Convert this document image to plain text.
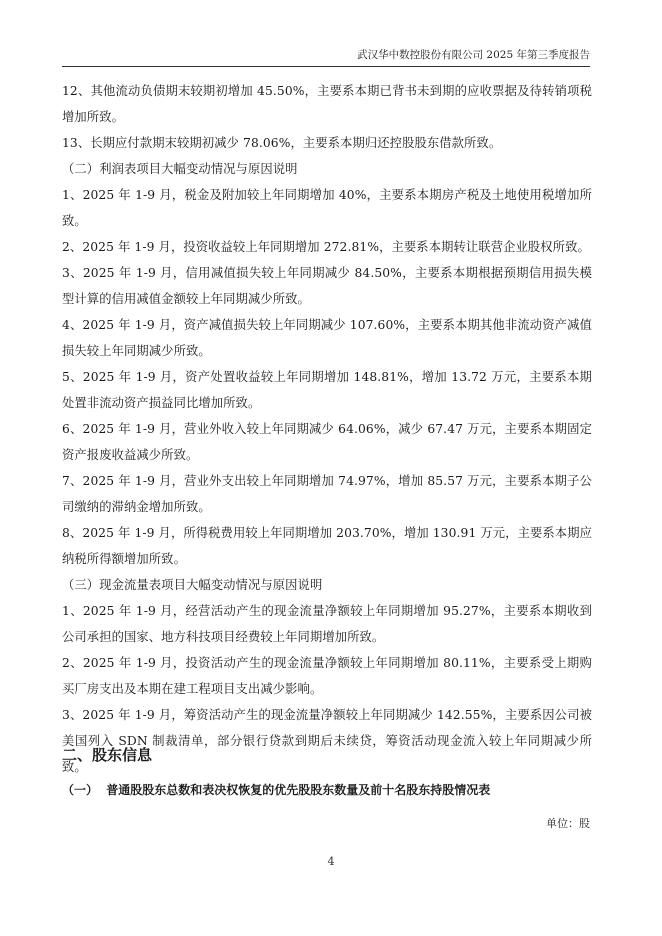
武汉华中数控股份有限公司 2025 年第三季度报告

12、其他流动负债期末较期初增加 45.50%，主要系本期已背书未到期的应收票据及待转销项税增加所致。

13、长期应付款期末较期初减少 78.06%，主要系本期归还控股股东借款所致。

（二）利润表项目大幅变动情况与原因说明

1、2025 年 1-9 月，税金及附加较上年同期增加 40%，主要系本期房产税及土地使用税增加所致。

2、2025 年 1-9 月，投资收益较上年同期增加 272.81%，主要系本期转让联营企业股权所致。

3、2025 年 1-9 月，信用减值损失较上年同期减少 84.50%，主要系本期根据预期信用损失模型计算的信用减值金额较上年同期减少所致。

4、2025 年 1-9 月，资产减值损失较上年同期减少 107.60%，主要系本期其他非流动资产减值损失较上年同期减少所致。

5、2025 年 1-9 月，资产处置收益较上年同期增加 148.81%，增加 13.72 万元，主要系本期处置非流动资产损益同比增加所致。

6、2025 年 1-9 月，营业外收入较上年同期减少 64.06%，减少 67.47 万元，主要系本期固定资产报废收益减少所致。

7、2025 年 1-9 月，营业外支出较上年同期增加 74.97%，增加 85.57 万元，主要系本期子公司缴纳的滞纳金增加所致。

8、2025 年 1-9 月，所得税费用较上年同期增加 203.70%，增加 130.91 万元，主要系本期应纳税所得额增加所致。

（三）现金流量表项目大幅变动情况与原因说明

1、2025 年 1-9 月，经营活动产生的现金流量净额较上年同期增加 95.27%，主要系本期收到公司承担的国家、地方科技项目经费较上年同期增加所致。

2、2025 年 1-9 月，投资活动产生的现金流量净额较上年同期增加 80.11%，主要系受上期购买厂房支出及本期在建工程项目支出减少影响。

3、2025 年 1-9 月，筹资活动产生的现金流量净额较上年同期减少 142.55%，主要系因公司被美国列入 SDN 制裁清单，部分银行贷款到期后未续贷，筹资活动现金流入较上年同期减少所致。

二、股东信息
（一） 普通股股东总数和表决权恢复的优先股股东数量及前十名股东持股情况表
单位：股
4
